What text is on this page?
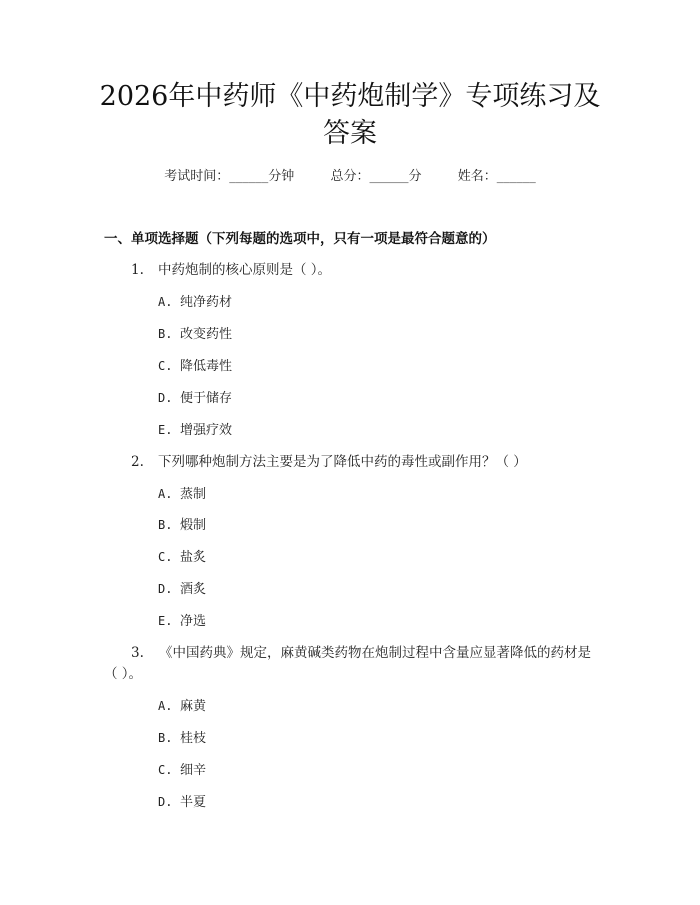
2026年中药师《中药炮制学》专项练习及答案
考试时间：______分钟	总分：______分	姓名：______
一、单项选择题（下列每题的选项中，只有一项是最符合题意的）
1. 中药炮制的核心原则是（ ）。
A. 纯净药材
B. 改变药性
C. 降低毒性
D. 便于储存
E. 增强疗效
2. 下列哪种炮制方法主要是为了降低中药的毒性或副作用？（ ）
A. 蒸制
B. 煅制
C. 盐炙
D. 酒炙
E. 净选
3. 《中国药典》规定，麻黄碱类药物在炮制过程中含量应显著降低的药材是（ ）。
A. 麻黄
B. 桂枝
C. 细辛
D. 半夏
